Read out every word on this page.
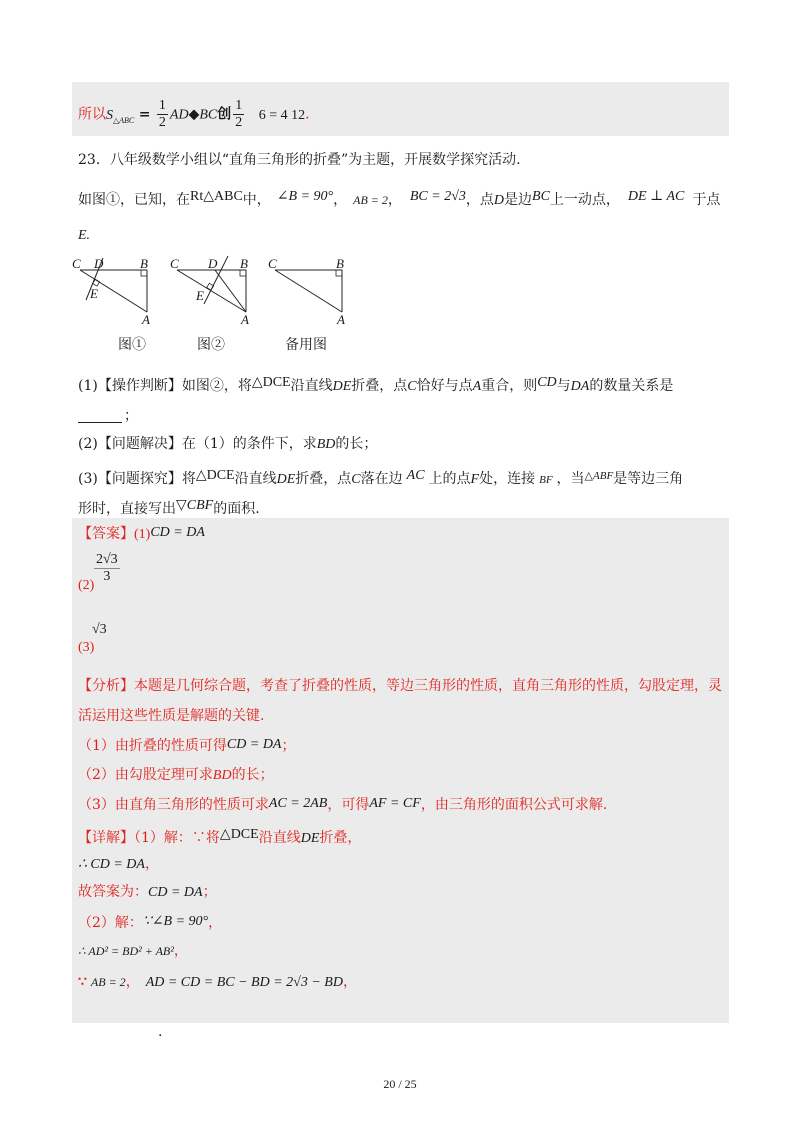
所以$S_{\triangle ABC} = \frac{1}{2}$ AD◆BC创 $\frac{1}{2} 6 = 4$ 12.
23．八年级数学小组以“直角三角形的折叠”为主题，开展数学探究活动.
如图①，已知，在Rt△ABC中， ∠B = 90°， AB = 2， BC = 2√3，点D是边BC上一动点， DE ⊥ AC 于点
E.
C D	B
E
A
C D B
E
A
C	B
A
图①	图②	备用图
(1)【操作判断】如图②，将△DCE沿直线DE折叠，点C恰好与点A重合，则CD与DA的数量关系是
；
(2)【问题解决】在（1）的条件下，求BD的长；
(3)【问题探究】将△DCE沿直线DE折叠，点C落在边 AC 上的点F处，连接 BF ，当$^{\triangle ABF}$是等边三角
形时，直接写出▽CBF的面积.
【答案】(1)CD = DA
(2)
$\frac{2√3}{3}$
√3
(3)
【分析】本题是几何综合题，考查了折叠的性质，等边三角形的性质，直角三角形的性质，勾股定理，灵
活运用这些性质是解题的关键.
（1）由折叠的性质可得CD = DA；
（2）由勾股定理可求BD的长；
（3）由直角三角形的性质可求AC = 2AB，可得AF = CF，由三角形的面积公式可求解.
【详解】（1）解：∵将△DCE沿直线DE折叠，
∴ CD = DA，
故答案为：CD = DA；
（2）解：∵∠B = 90°，
∴ AD² = BD² + AB²，
∵ AB = 2， AD = CD = BC − BD = 2√3 − BD，
.
20 / 25
